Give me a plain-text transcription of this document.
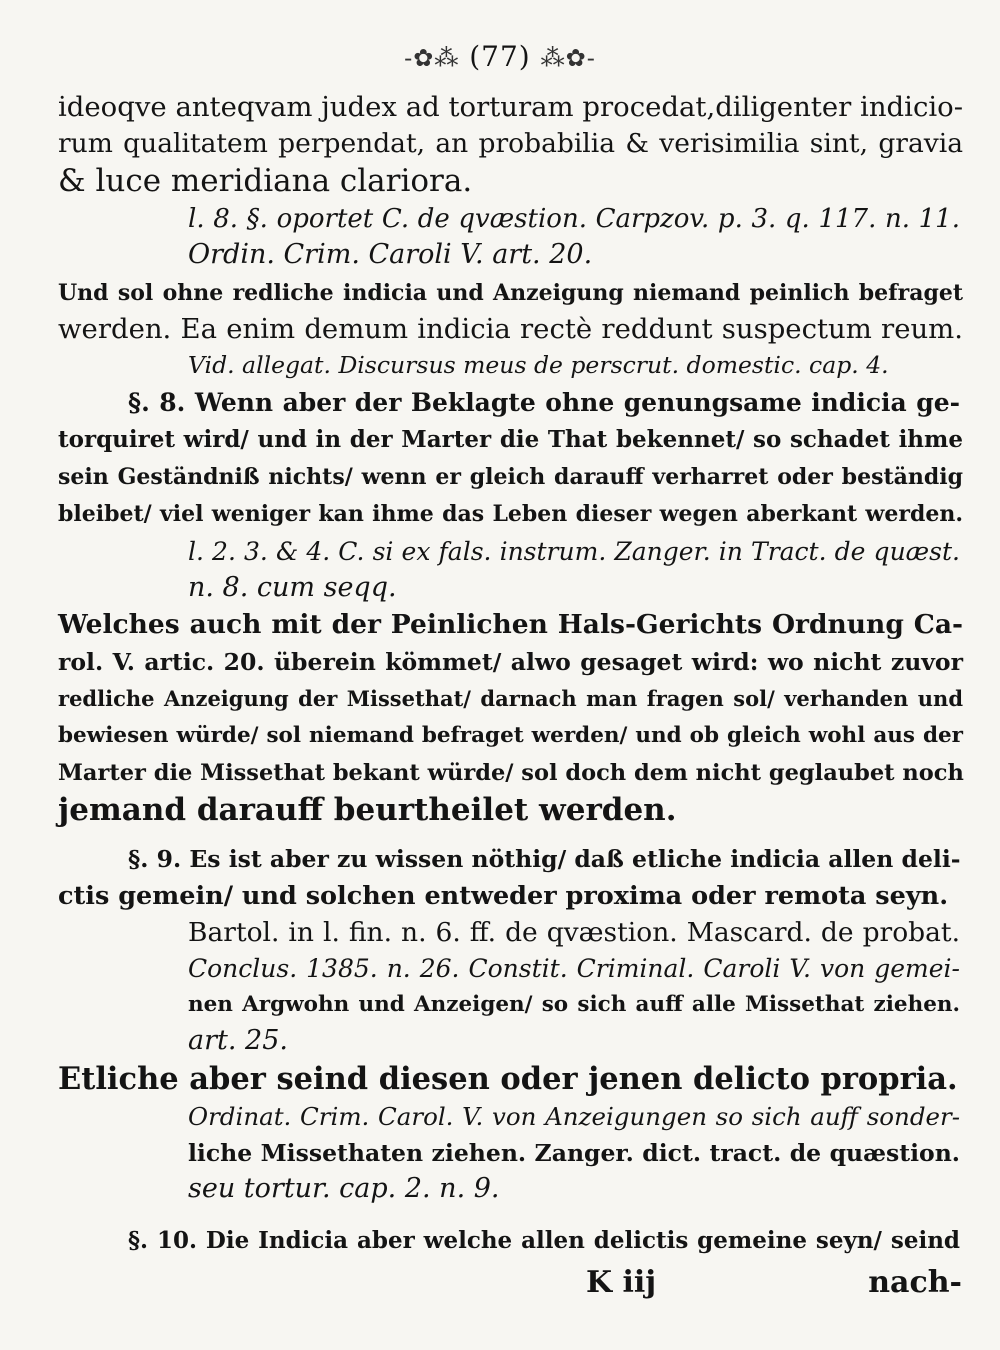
-✿⁂ (77) ⁂✿-
ideoqve anteqvam judex ad torturam procedat,diligenter indicio-
rum qualitatem perpendat, an probabilia & verisimilia sint, gravia
& luce meridiana clariora.
l. 8. §. oportet C. de qvæstion. Carpzov. p. 3. q. 117. n. 11.
Ordin. Crim. Caroli V. art. 20.
Und sol ohne redliche indicia und Anzeigung niemand peinlich befraget
werden. Ea enim demum indicia rectè reddunt suspectum reum.
Vid. allegat. Discursus meus de perscrut. domestic. cap. 4.
§. 8. Wenn aber der Beklagte ohne genungsame indicia ge-
torquiret wird/ und in der Marter die That bekennet/ so schadet ihme
sein Geständniß nichts/ wenn er gleich darauff verharret oder beständig
bleibet/ viel weniger kan ihme das Leben dieser wegen aberkant werden.
l. 2. 3. & 4. C. si ex fals. instrum. Zanger. in Tract. de quæst.
n. 8. cum seqq.
Welches auch mit der Peinlichen Hals-Gerichts Ordnung Ca-
rol. V. artic. 20. überein kömmet/ alwo gesaget wird: wo nicht zuvor
redliche Anzeigung der Missethat/ darnach man fragen sol/ verhanden und
bewiesen würde/ sol niemand befraget werden/ und ob gleich wohl aus der
Marter die Missethat bekant würde/ sol doch dem nicht geglaubet noch
jemand darauff beurtheilet werden.
§. 9. Es ist aber zu wissen nöthig/ daß etliche indicia allen deli-
ctis gemein/ und solchen entweder proxima oder remota seyn.
Bartol. in l. fin. n. 6. ff. de qvæstion. Mascard. de probat.
Conclus. 1385. n. 26. Constit. Criminal. Caroli V. von gemei-
nen Argwohn und Anzeigen/ so sich auff alle Missethat ziehen.
art. 25.
Etliche aber seind diesen oder jenen delicto propria.
Ordinat. Crim. Carol. V. von Anzeigungen so sich auff sonder-
liche Missethaten ziehen. Zanger. dict. tract. de quæstion.
seu tortur. cap. 2. n. 9.
§. 10. Die Indicia aber welche allen delictis gemeine seyn/ seind
K iij	nach-
